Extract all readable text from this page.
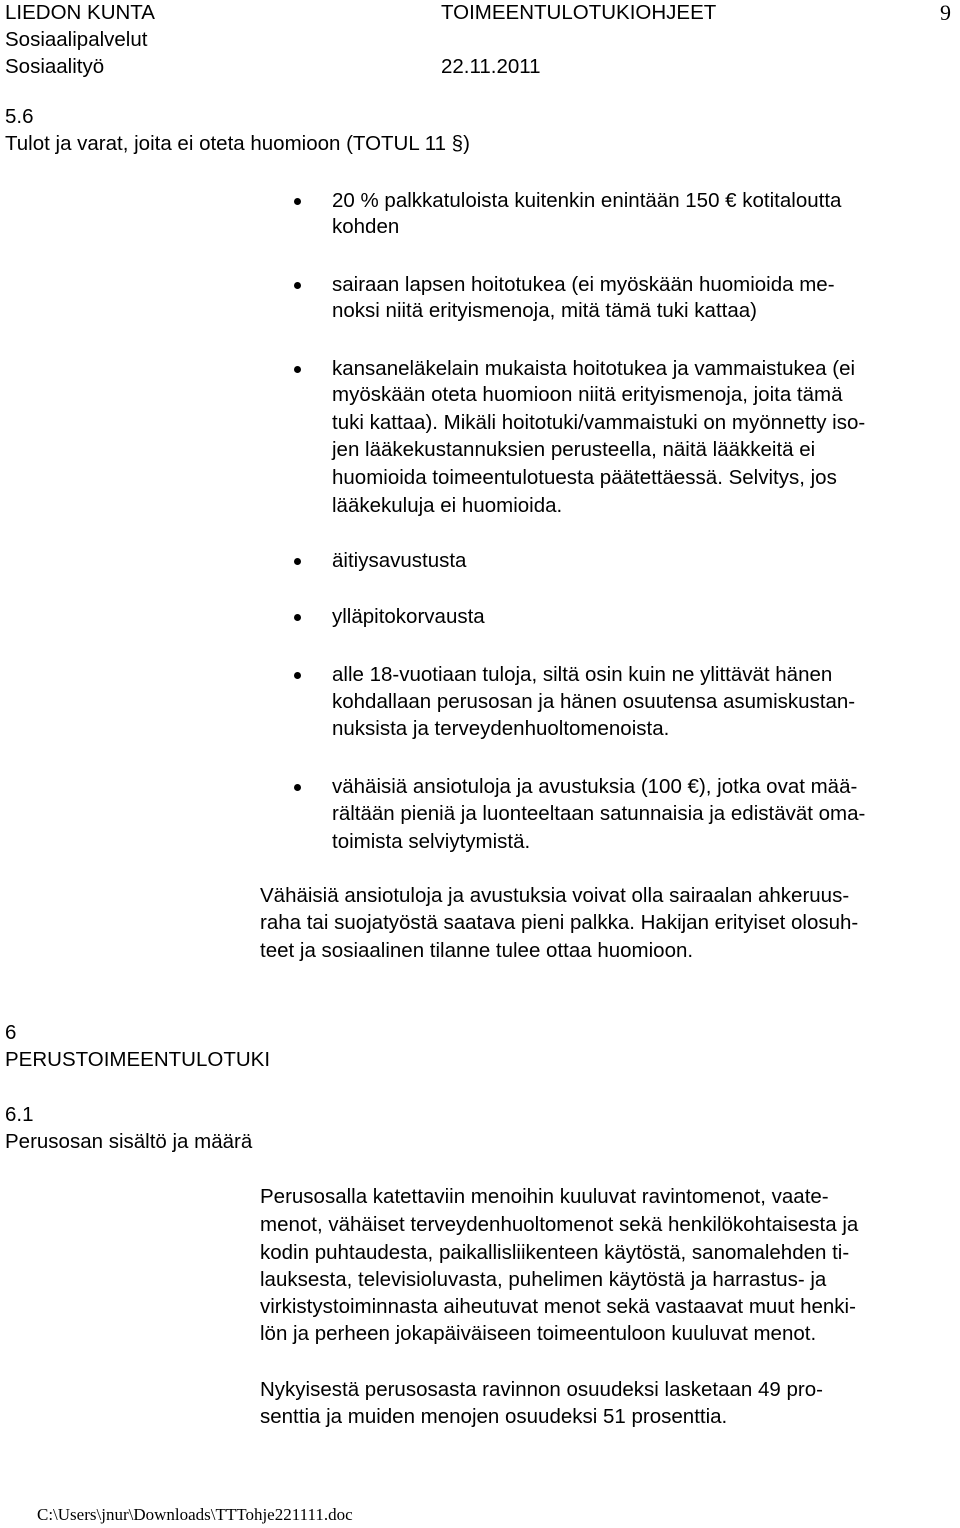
LIEDON KUNTA	TOIMEENTULOTUKIOHJEET	9
Sosiaalipalvelut
Sosiaalityö	22.11.2011
5.6
Tulot ja varat, joita ei oteta huomioon (TOTUL 11 §)
20 % palkkatuloista kuitenkin enintään 150 € kotitaloutta
kohden
sairaan lapsen hoitotukea (ei myöskään huomioida me-
noksi niitä erityismenoja, mitä tämä tuki kattaa)
kansaneläkelain mukaista hoitotukea ja vammaistukea (ei
myöskään oteta huomioon niitä erityismenoja, joita tämä
tuki kattaa). Mikäli hoitotuki/vammaistuki on myönnetty iso-
jen lääkekustannuksien perusteella, näitä lääkkeitä ei
huomioida toimeentulotuesta päätettäessä. Selvitys, jos
lääkekuluja ei huomioida.
äitiysavustusta
ylläpitokorvausta
alle 18-vuotiaan tuloja, siltä osin kuin ne ylittävät hänen
kohdallaan perusosan ja hänen osuutensa asumiskustan-
nuksista ja terveydenhuoltomenoista.
vähäisiä ansiotuloja ja avustuksia (100 €), jotka ovat mää-
rältään pieniä ja luonteeltaan satunnaisia ja edistävät oma-
toimista selviytymistä.
Vähäisiä ansiotuloja ja avustuksia voivat olla sairaalan ahkeruus-
raha tai suojatyöstä saatava pieni palkka. Hakijan erityiset olosuh-
teet ja sosiaalinen tilanne tulee ottaa huomioon.
6
PERUSTOIMEENTULOTUKI
6.1
Perusosan sisältö ja määrä
Perusosalla katettaviin menoihin kuuluvat ravintomenot, vaate-
menot, vähäiset terveydenhuoltomenot sekä henkilökohtaisesta ja
kodin puhtaudesta, paikallisliikenteen käytöstä, sanomalehden ti-
lauksesta, televisioluvasta, puhelimen käytöstä ja harrastus- ja
virkistystoiminnasta aiheutuvat menot sekä vastaavat muut henki-
lön ja perheen jokapäiväiseen toimeentuloon kuuluvat menot.
Nykyisestä perusosasta ravinnon osuudeksi lasketaan 49 pro-
senttia ja muiden menojen osuudeksi 51 prosenttia.
C:\Users\jnur\Downloads\TTTohje221111.doc
